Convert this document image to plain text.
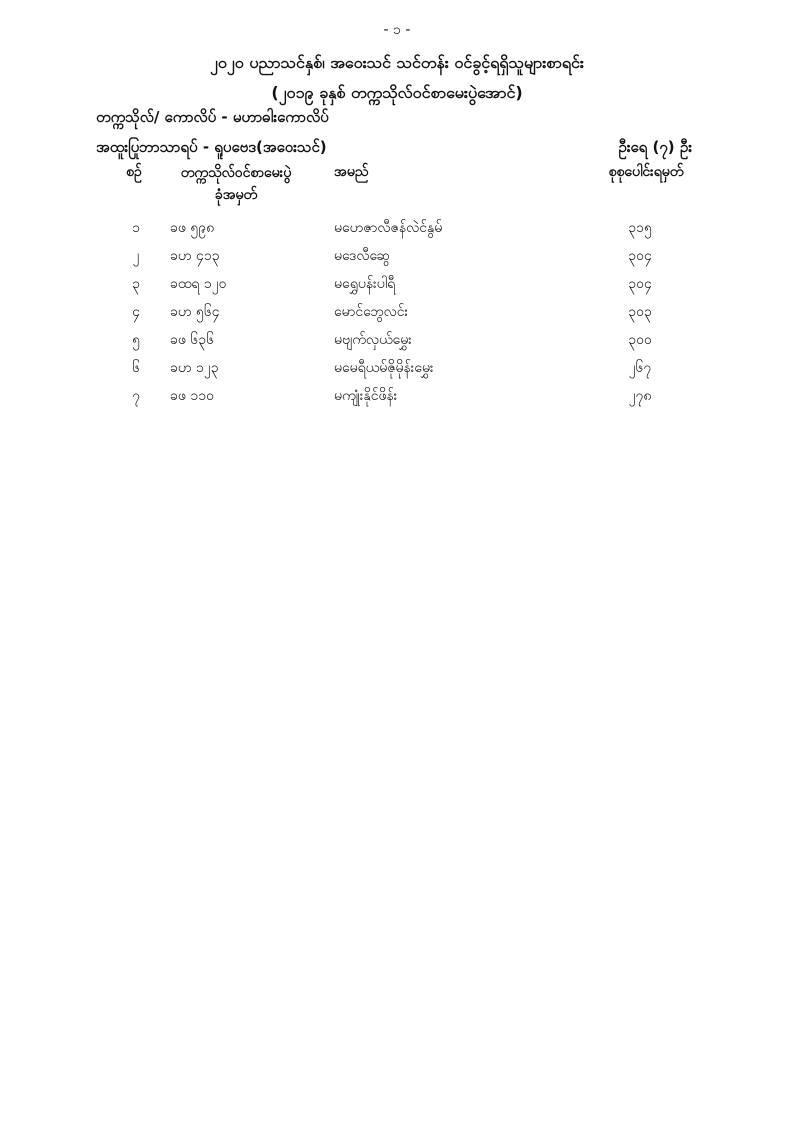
- ၁ -
၂၀၂၀ ပညာသင်နှစ်၊ အဝေးသင် သင်တန်း ဝင်ခွင့်ရရှိသူများစာရင်း
(၂၀၁၉ ခုနှစ် တက္ကသိုလ်ဝင်စာမေးပွဲအောင်)
တက္ကသိုလ်/ ကောလိပ် - မဟာဓါးကောလိပ်
အထူးပြုဘာသာရပ် - ရူပဗေဒ(အဝေးသင်)	ဦးရေ (၇) ဦး
စဉ်	တက္ကသိုလ်ဝင်စာမေးပွဲ
ခုံအမှတ်
အမည်	စုစုပေါင်းရမှတ်
၁	ခဖ ၅၉၈	မဟေဇာလီဇန်လဲင်နွမ်	၃၁၅
၂	ခဟ ၄၁၃	မဒေလီဆွေ	၃၀၄
၃	ခထရ ၁၂၀	မရွှေပန်းပါရီ	၃၀၄
၄	ခဟ ၅၆၄	မောင်ဘွေလင်း	၃၀၃
၅	ခဖ ၆၃၆	မဗျက်လှယ်မွှေး	၃၀၀
၆	ခဟ ၁၂၃	မမေရီယမ်ဇိုမိုန်းမွှေး	၂၆၇
၇	ခဖ ၁၁၀	မကျုံးနိုင်ဖိန်း	၂၇၈
